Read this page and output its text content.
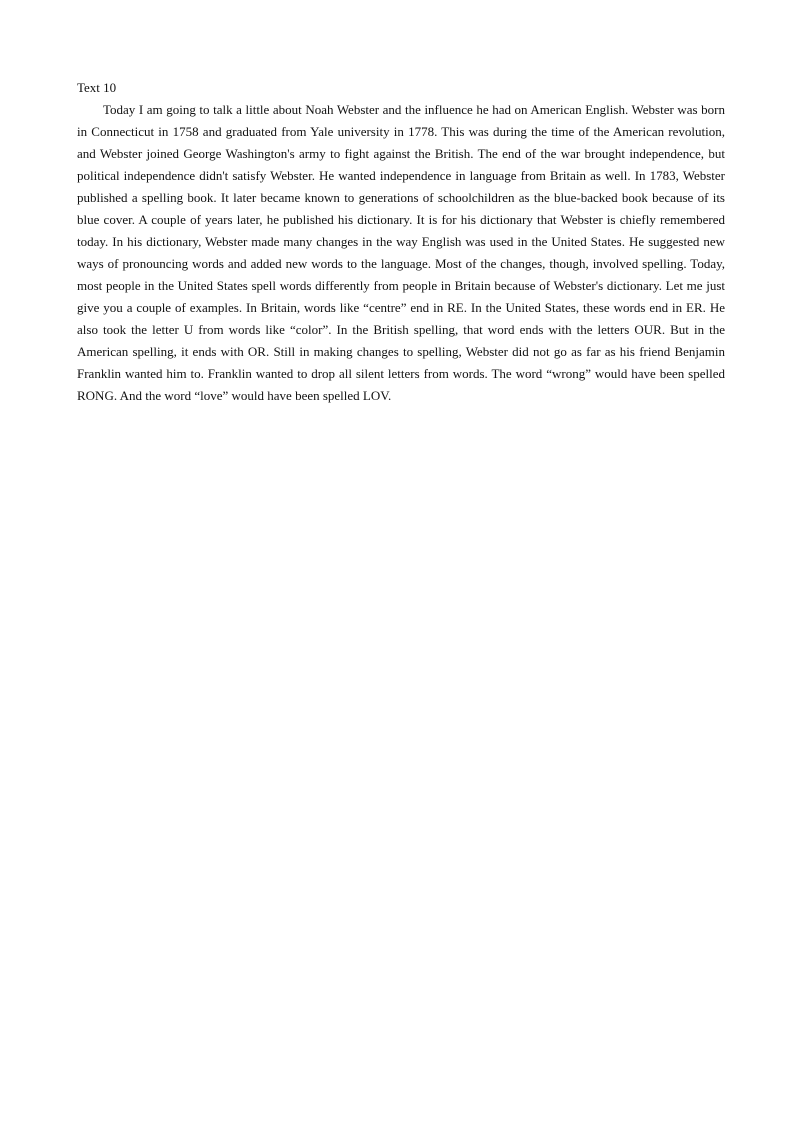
Text 10

Today I am going to talk a little about Noah Webster and the influence he had on American English. Webster was born in Connecticut in 1758 and graduated from Yale university in 1778. This was during the time of the American revolution, and Webster joined George Washington's army to fight against the British. The end of the war brought independence, but political independence didn't satisfy Webster. He wanted independence in language from Britain as well. In 1783, Webster published a spelling book. It later became known to generations of schoolchildren as the blue-backed book because of its blue cover. A couple of years later, he published his dictionary. It is for his dictionary that Webster is chiefly remembered today. In his dictionary, Webster made many changes in the way English was used in the United States. He suggested new ways of pronouncing words and added new words to the language. Most of the changes, though, involved spelling. Today, most people in the United States spell words differently from people in Britain because of Webster's dictionary. Let me just give you a couple of examples. In Britain, words like “centre” end in RE. In the United States, these words end in ER. He also took the letter U from words like “color”. In the British spelling, that word ends with the letters OUR. But in the American spelling, it ends with OR. Still in making changes to spelling, Webster did not go as far as his friend Benjamin Franklin wanted him to. Franklin wanted to drop all silent letters from words. The word “wrong” would have been spelled RONG. And the word “love” would have been spelled LOV.
